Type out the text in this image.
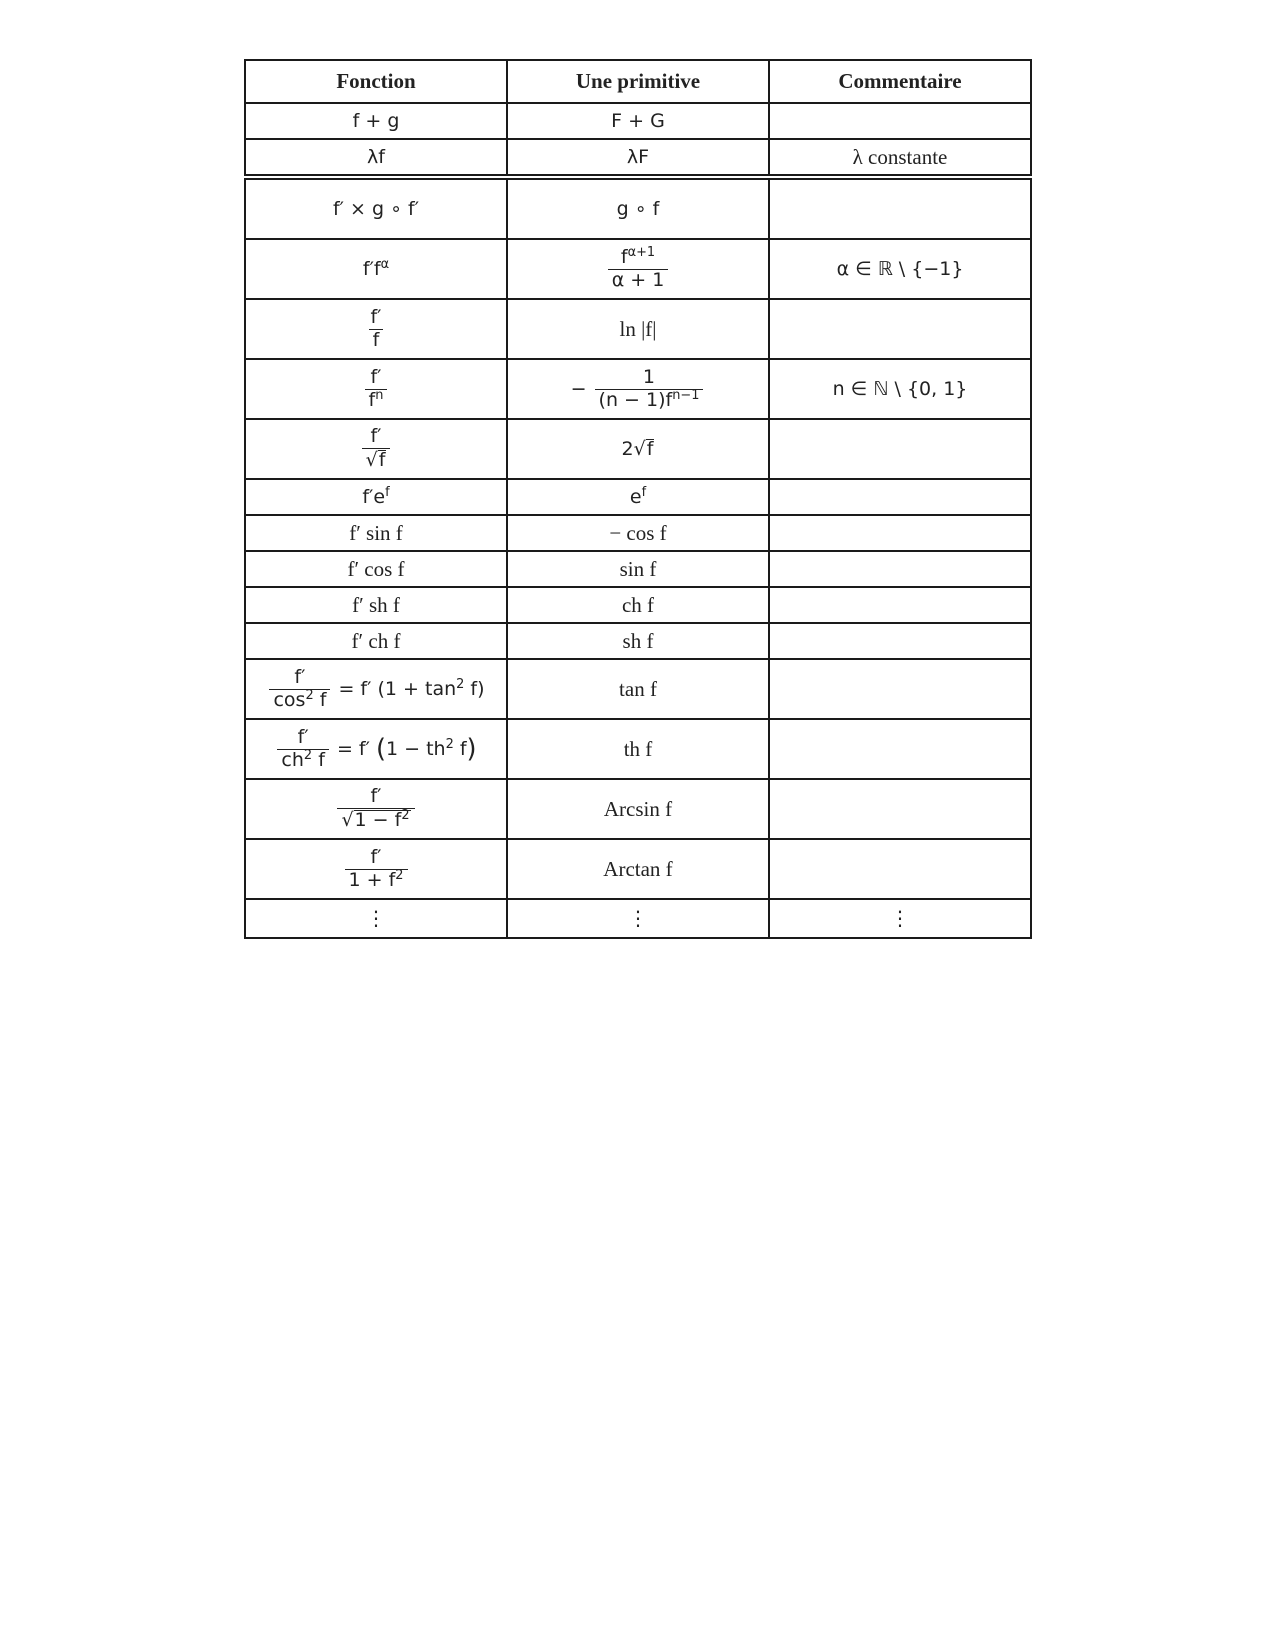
Fonction	Une primitive	Commentaire
f + g	F + G	
λf	λF	λ constante
f′ × g ∘ f′	g ∘ f	
$f'f^\alpha$	$\frac{f^{\alpha+1}}{\alpha + 1}$	α ∈ ℝ \ {−1}

$\frac{f'}{f}$	ln |f|	

$\frac{f'}{f^n}$	− $\frac{1}{(n - 1)f^{n-1}}$	n ∈ ℕ \ {0, 1}

$\frac{f'}{√f}$	2√f	
$f'e^f$	$e^f$	
f′ sin f	− cos f	
f′ cos f	sin f	
f′ sh f	ch f	
f′ ch f	sh f	

$\frac{f'}{\cos^2 f} = f'$ $(1 + \tan^2 f)$	tan f	

$\frac{f'}{ch^2 f} = f'$ ($1 - th^2$ f)	th f	

$\frac{f'}{√1 - f^2}$	Arcsin f	

$\frac{f'}{1 + f^2}$	Arctan f	
⋮	⋮	⋮
